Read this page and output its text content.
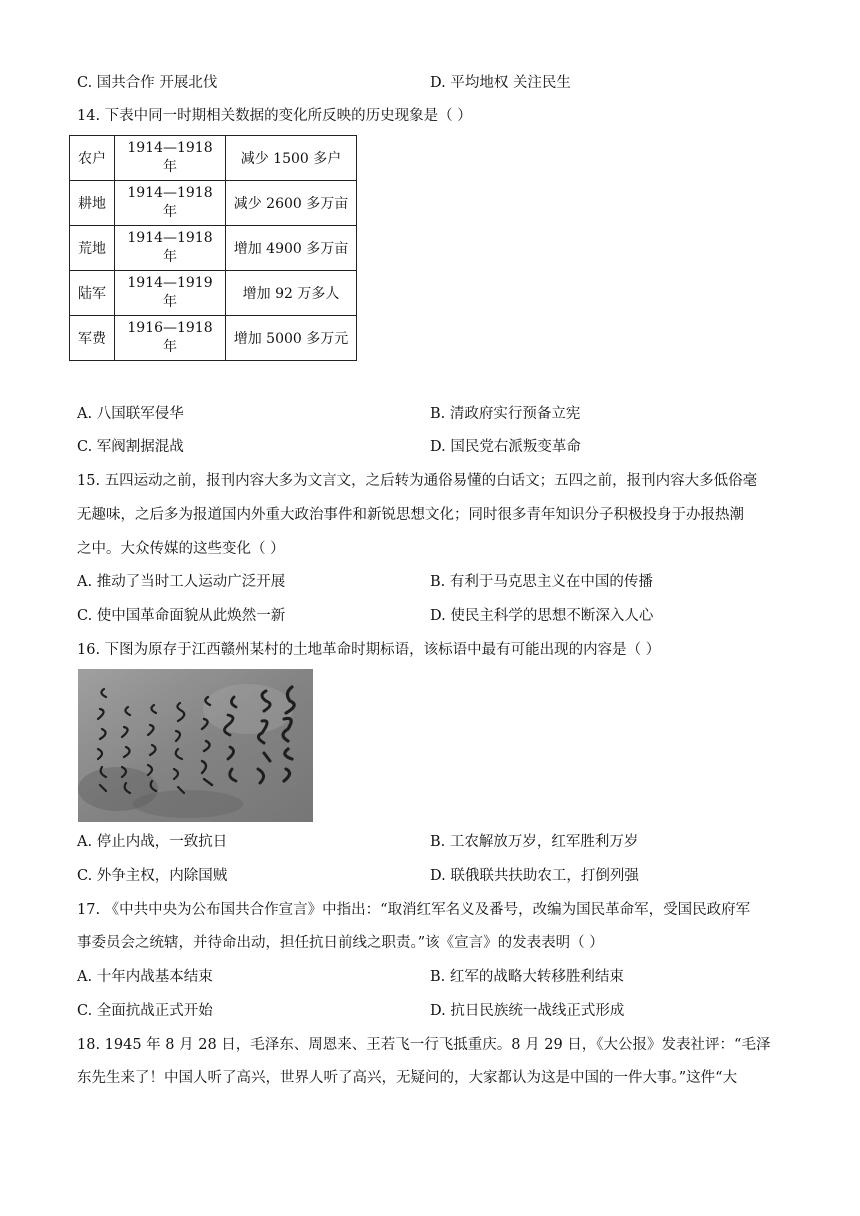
C. 国共合作 开展北伐	D. 平均地权 关注民生
14. 下表中同一时期相关数据的变化所反映的历史现象是（ ）
农户	1914—1918 年	减少 1500 多户
耕地	1914—1918 年	减少 2600 多万亩
荒地	1914—1918 年	增加 4900 多万亩
陆军	1914—1919 年	增加 92 万多人
军费	1916—1918 年	增加 5000 多万元
A. 八国联军侵华	B. 清政府实行预备立宪
C. 军阀割据混战	D. 国民党右派叛变革命
15. 五四运动之前，报刊内容大多为文言文，之后转为通俗易懂的白话文；五四之前，报刊内容大多低俗毫
无趣味，之后多为报道国内外重大政治事件和新锐思想文化；同时很多青年知识分子积极投身于办报热潮
之中。大众传媒的这些变化（ ）
A. 推动了当时工人运动广泛开展	B. 有利于马克思主义在中国的传播
C. 使中国革命面貌从此焕然一新	D. 使民主科学的思想不断深入人心
16. 下图为原存于江西赣州某村的土地革命时期标语，该标语中最有可能出现的内容是（ ）
A. 停止内战，一致抗日	B. 工农解放万岁，红军胜利万岁
C. 外争主权，内除国贼	D. 联俄联共扶助农工，打倒列强
17. 《中共中央为公布国共合作宣言》中指出：“取消红军名义及番号，改编为国民革命军，受国民政府军
事委员会之统辖，并待命出动，担任抗日前线之职责。”该《宣言》的发表表明（ ）
A. 十年内战基本结束	B. 红军的战略大转移胜利结束
C. 全面抗战正式开始	D. 抗日民族统一战线正式形成
18. 1945 年 8 月 28 日，毛泽东、周恩来、王若飞一行飞抵重庆。8 月 29 日，《大公报》发表社评：“毛泽
东先生来了！中国人听了高兴，世界人听了高兴，无疑问的，大家都认为这是中国的一件大事。”这件“大
